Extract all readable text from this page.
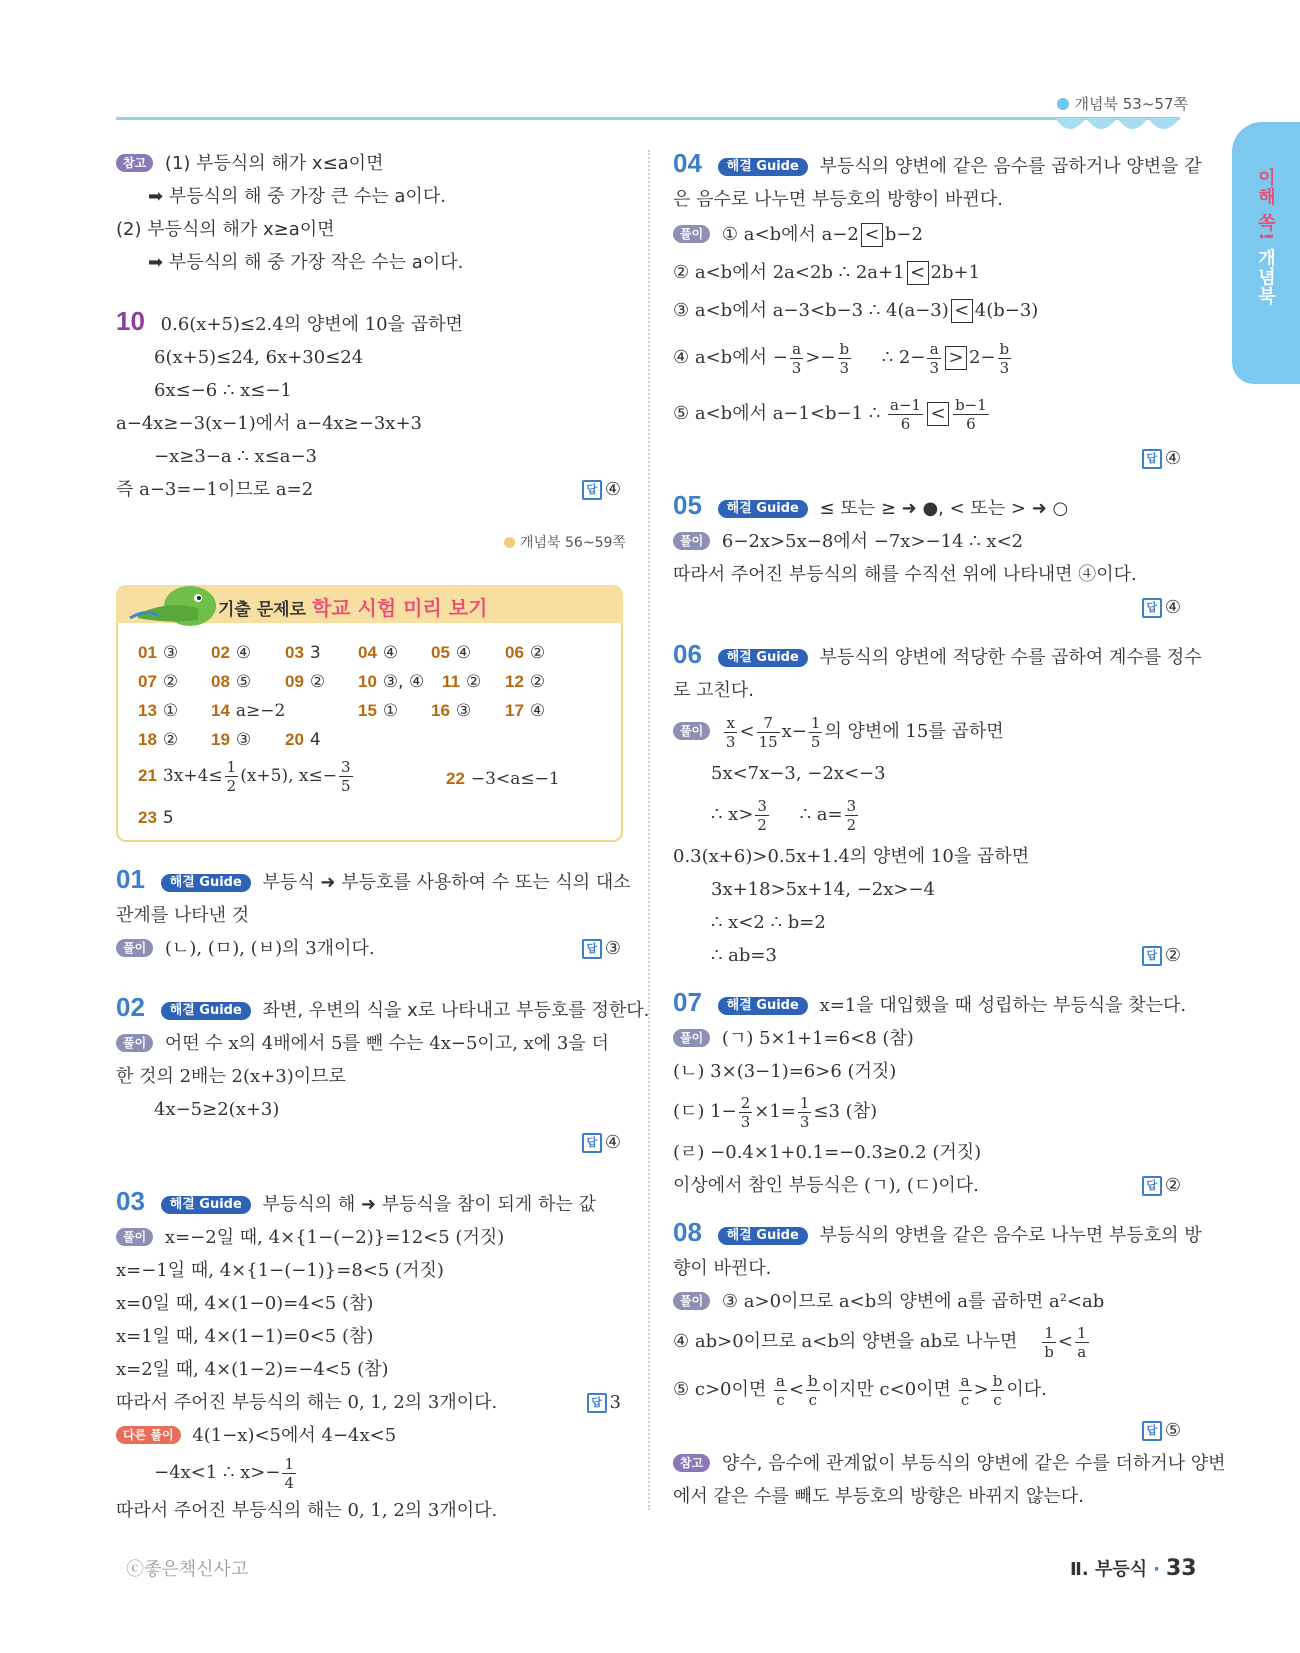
개념북 53~57쪽
이해 쏙! 개념북
참고 (1) 부등식의 해가 x≤a이면
➡ 부등식의 해 중 가장 큰 수는 a이다.
(2) 부등식의 해가 x≥a이면
➡ 부등식의 해 중 가장 작은 수는 a이다.
10 0.6(x+5)≤2.4의 양변에 10을 곱하면
6(x+5)≤24, 6x+30≤24
6x≤−6 ∴ x≤−1
a−4x≥−3(x−1)에서 a−4x≥−3x+3
−x≥3−a ∴ x≤a−3
즉 a−3=−1이므로 a=2	답 ④
개념북 56~59쪽
기출 문제로 학교 시험 미리 보기
01 ③ 02 ④ 03 3 04 ④ 05 ④ 06 ②
07 ② 08 ⑤ 09 ② 10 ③, ④ 11 ② 12 ②
13 ① 14 a≥−2	15 ① 16 ③ 17 ④
18 ② 19 ③ 20 4
21 $3x+4\le \frac{1}{2} (x+5)$, $x\le- \frac{3}{5}$	22 −3<a≤−1
23 5
01 해결 Guide 부등식 ➜ 부등호를 사용하여 수 또는 식의 대소
관계를 나타낸 것
풀이 (ㄴ), (ㅁ), (ㅂ)의 3개이다.	답 ③
02 해결 Guide 좌변, 우변의 식을 x로 나타내고 부등호를 정한다.
풀이 어떤 수 x의 4배에서 5를 뺀 수는 4x−5이고, x에 3을 더
한 것의 2배는 2(x+3)이므로
4x−5≥2(x+3)

답 ④
03 해결 Guide 부등식의 해 ➜ 부등식을 참이 되게 하는 값
풀이 x=−2일 때, 4×{1−(−2)}=12<5 (거짓)
x=−1일 때, 4×{1−(−1)}=8<5 (거짓)
x=0일 때, 4×(1−0)=4<5 (참)
x=1일 때, 4×(1−1)=0<5 (참)
x=2일 때, 4×(1−2)=−4<5 (참)
따라서 주어진 부등식의 해는 0, 1, 2의 3개이다.	답 3
다른 풀이 4(1−x)<5에서 4−4x<5
−4x<1 ∴ $x>- \frac{1}{4}$
따라서 주어진 부등식의 해는 0, 1, 2의 3개이다.
04 해결 Guide 부등식의 양변에 같은 음수를 곱하거나 양변을 같
은 음수로 나누면 부등호의 방향이 바뀐다.
풀이 ① a<b에서 a−2 < b−2
② a<b에서 2a<2b ∴ 2a+1 < 2b+1
③ a<b에서 a−3<b−3 ∴ 4(a−3) < 4(b−3)
④ a<b에서 − $\frac{a}{3} >- \frac{b}{3}$ ∴ $2- \frac{a}{3} > 2- \frac{b}{3}$
⑤ a<b에서 a−1<b−1 ∴ $\frac{a-1}{6} < \frac{b-1}{6}$

답 ④
05 해결 Guide ≤ 또는 ≥ ➜ ●, < 또는 > ➜ ○
풀이 6−2x>5x−8에서 −7x>−14 ∴ x<2
따라서 주어진 부등식의 해를 수직선 위에 나타내면 ④이다.

답 ④
06 해결 Guide 부등식의 양변에 적당한 수를 곱하여 계수를 정수
로 고친다.
풀이 $\frac{x}{3} < \frac{7}{15} x- \frac{1}{5}$ 의 양변에 15를 곱하면
5x<7x−3, −2x<−3
∴ $x> \frac{3}{2}$ ∴ $a= \frac{3}{2}$
0.3(x+6)>0.5x+1.4의 양변에 10을 곱하면
3x+18>5x+14, −2x>−4
∴ x<2 ∴ b=2
∴ ab=3	답 ②
07 해결 Guide x=1을 대입했을 때 성립하는 부등식을 찾는다.
풀이 (ㄱ) 5×1+1=6<8 (참)
(ㄴ) 3×(3−1)=6>6 (거짓)
(ㄷ) $1- \frac{2}{3} \times 1= \frac{1}{3} \le 3$ (참)
(ㄹ) −0.4×1+0.1=−0.3≥0.2 (거짓)
이상에서 참인 부등식은 (ㄱ), (ㄷ)이다.	답 ②
08 해결 Guide 부등식의 양변을 같은 음수로 나누면 부등호의 방
향이 바뀐다.
풀이 ③ a>0이므로 a<b의 양변에 a를 곱하면 a²<ab
④ ab>0이므로 a<b의 양변을 ab로 나누면 $\frac{1}{b} < \frac{1}{a}$
⑤ c>0이면 $\frac{a}{c} < \frac{b}{c}$ 이지만 c<0이면 $\frac{a}{c} > \frac{b}{c}$ 이다.

답 ⑤
참고 양수, 음수에 관계없이 부등식의 양변에 같은 수를 더하거나 양변
에서 같은 수를 빼도 부등호의 방향은 바뀌지 않는다.
ⓒ좋은책신사고	Ⅱ. 부등식 · 33
